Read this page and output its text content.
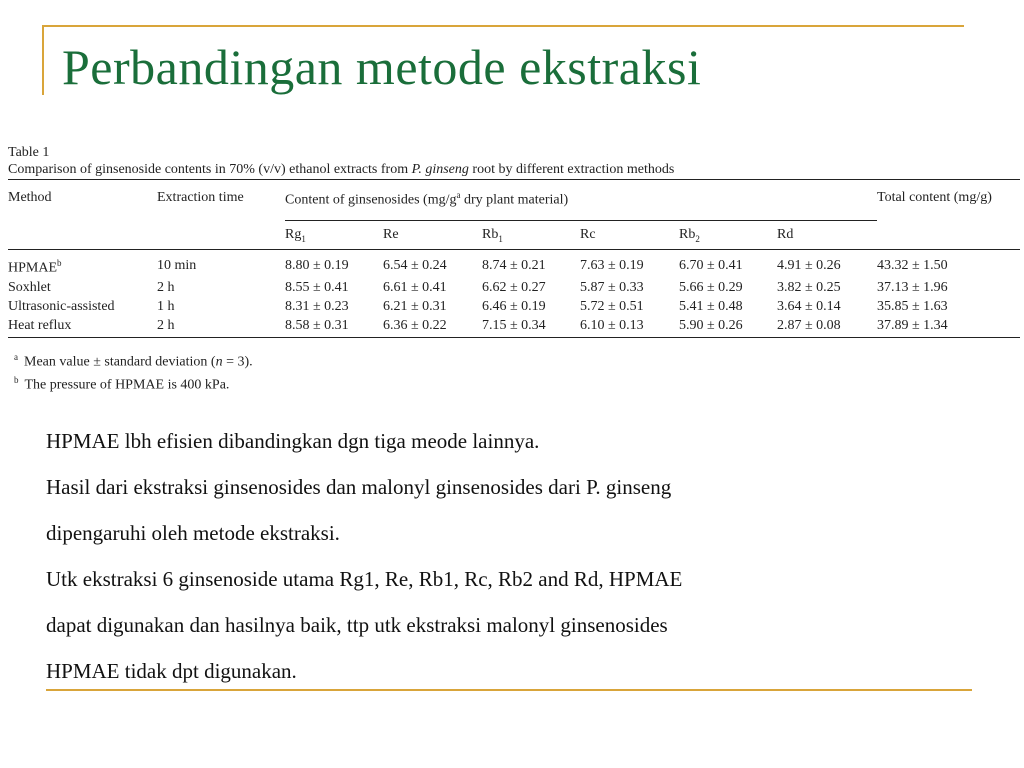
Perbandingan metode ekstraksi
Table 1
Comparison of ginsenoside contents in 70% (v/v) ethanol extracts from P. ginseng root by different extraction methods
Method	Extraction time	Content of ginsenosides ($mg/g^a$ dry plant material)						Total content (mg/g)
		$Rg_1$	Re	$Rb_1$	Rc	$Rb_2$	Rd	
HPMAE$^b$	10 min	8.80 ± 0.19	6.54 ± 0.24	8.74 ± 0.21	7.63 ± 0.19	6.70 ± 0.41	4.91 ± 0.26	43.32 ± 1.50
Soxhlet	2 h	8.55 ± 0.41	6.61 ± 0.41	6.62 ± 0.27	5.87 ± 0.33	5.66 ± 0.29	3.82 ± 0.25	37.13 ± 1.96
Ultrasonic-assisted	1 h	8.31 ± 0.23	6.21 ± 0.31	6.46 ± 0.19	5.72 ± 0.51	5.41 ± 0.48	3.64 ± 0.14	35.85 ± 1.63
Heat reflux	2 h	8.58 ± 0.31	6.36 ± 0.22	7.15 ± 0.34	6.10 ± 0.13	5.90 ± 0.26	2.87 ± 0.08	37.89 ± 1.34
$^a$ Mean value ± standard deviation (n = 3).
$^b$ The pressure of HPMAE is 400 kPa.

HPMAE lbh efisien dibandingkan dgn tiga meode lainnya.

Hasil dari ekstraksi ginsenosides dan malonyl ginsenosides dari P. ginseng

dipengaruhi oleh metode ekstraksi.

Utk ekstraksi 6 ginsenoside utama Rg1, Re, Rb1, Rc, Rb2 and Rd, HPMAE

dapat digunakan dan hasilnya baik, ttp utk ekstraksi malonyl ginsenosides

HPMAE tidak dpt digunakan.
